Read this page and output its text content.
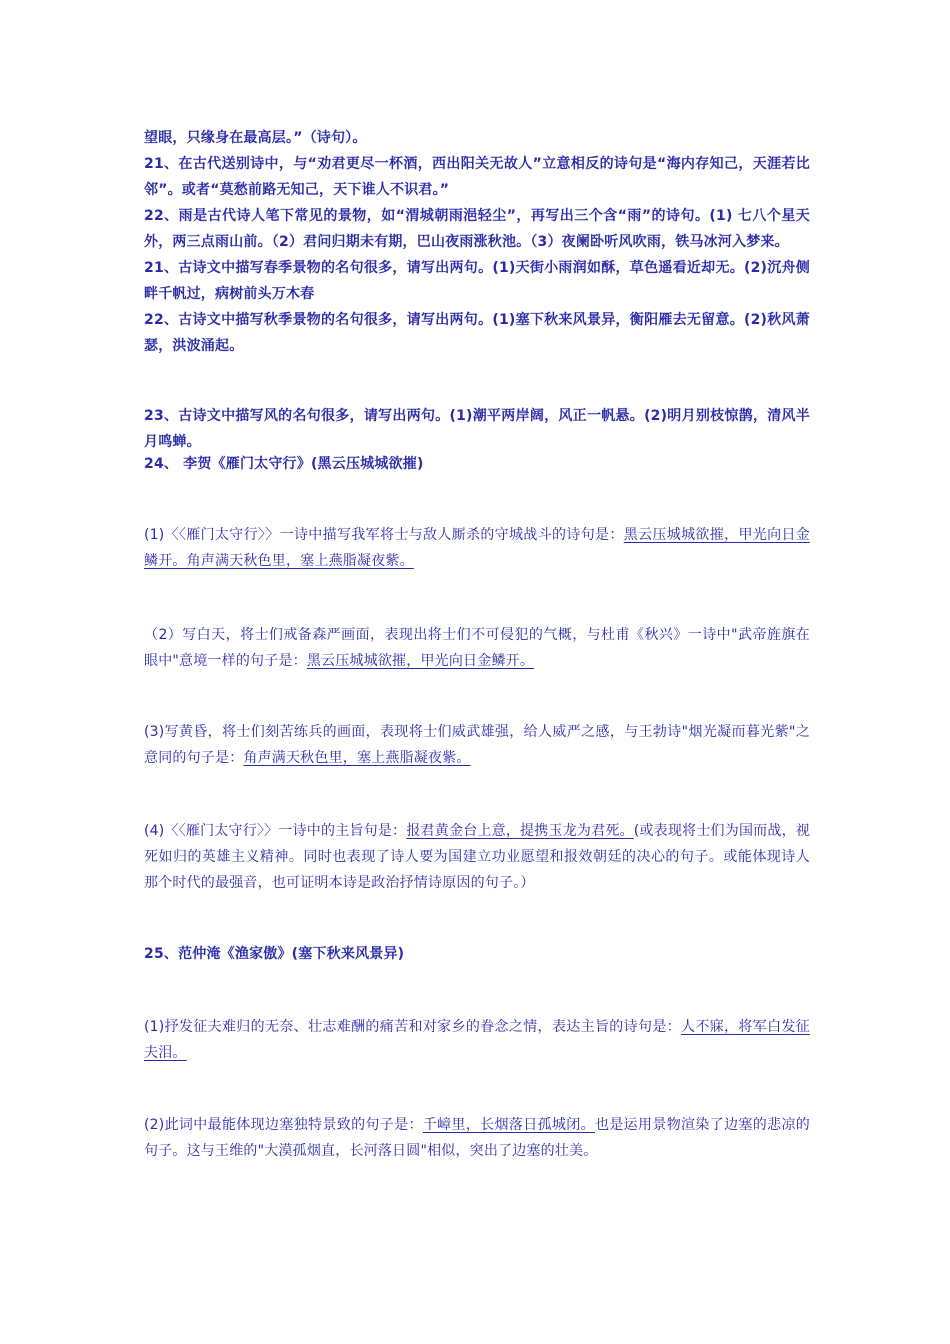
望眼，只缘身在最高层。”（诗句）。

21、在古代送别诗中，与“劝君更尽一杯酒，西出阳关无故人”立意相反的诗句是“海内存知己，天涯若比邻”。或者“莫愁前路无知己，天下谁人不识君。”

22、雨是古代诗人笔下常见的景物，如“渭城朝雨浥轻尘”，再写出三个含“雨”的诗句。(1) 七八个星天外，两三点雨山前。（2）君问归期未有期，巴山夜雨涨秋池。（3）夜阑卧听风吹雨，铁马冰河入梦来。

21、古诗文中描写春季景物的名句很多，请写出两句。(1)天街小雨润如酥，草色遥看近却无。(2)沉舟侧畔千帆过，病树前头万木春

22、古诗文中描写秋季景物的名句很多，请写出两句。(1)塞下秋来风景异，衡阳雁去无留意。(2)秋风萧瑟，洪波涌起。

23、古诗文中描写风的名句很多，请写出两句。(1)潮平两岸阔，风正一帆悬。(2)明月别枝惊鹊，清风半月鸣蝉。

24、 李贺《雁门太守行》(黑云压城城欲摧)

(1)〈〈雁门太守行〉〉一诗中描写我军将士与敌人厮杀的守城战斗的诗句是：黑云压城城欲摧，甲光向日金鳞开。角声满天秋色里，塞上燕脂凝夜紫。

（2）写白天，将士们戒备森严画面，表现出将士们不可侵犯的气概，与杜甫《秋兴》一诗中"武帝旌旗在眼中"意境一样的句子是：黑云压城城欲摧，甲光向日金鳞开。

(3)写黄昏，将士们刻苦练兵的画面，表现将士们威武雄强，给人威严之感，与王勃诗"烟光凝而暮光紫"之意同的句子是：角声满天秋色里，塞上燕脂凝夜紫。

(4)〈〈雁门太守行〉〉一诗中的主旨句是：报君黄金台上意，提携玉龙为君死。(或表现将士们为国而战，视死如归的英雄主义精神。同时也表现了诗人要为国建立功业愿望和报效朝廷的决心的句子。或能体现诗人那个时代的最强音，也可证明本诗是政治抒情诗原因的句子。）

25、范仲淹《渔家傲》(塞下秋来风景异)

(1)抒发征夫难归的无奈、壮志难酬的痛苦和对家乡的眷念之情，表达主旨的诗句是：人不寐，将军白发征夫泪。

(2)此词中最能体现边塞独特景致的句子是：千嶂里，长烟落日孤城闭。也是运用景物渲染了边塞的悲凉的句子。这与王维的"大漠孤烟直，长河落日圆"相似，突出了边塞的壮美。
